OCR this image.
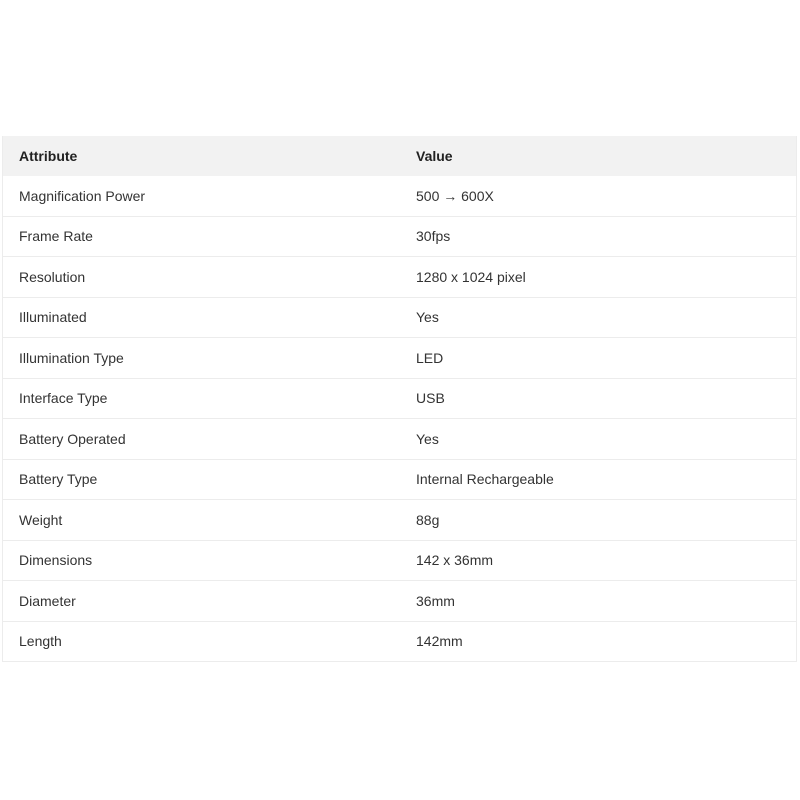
Attribute	Value
Magnification Power	500 → 600X
Frame Rate	30fps
Resolution	1280 x 1024 pixel
Illuminated	Yes
Illumination Type	LED
Interface Type	USB
Battery Operated	Yes
Battery Type	Internal Rechargeable
Weight	88g
Dimensions	142 x 36mm
Diameter	36mm
Length	142mm
